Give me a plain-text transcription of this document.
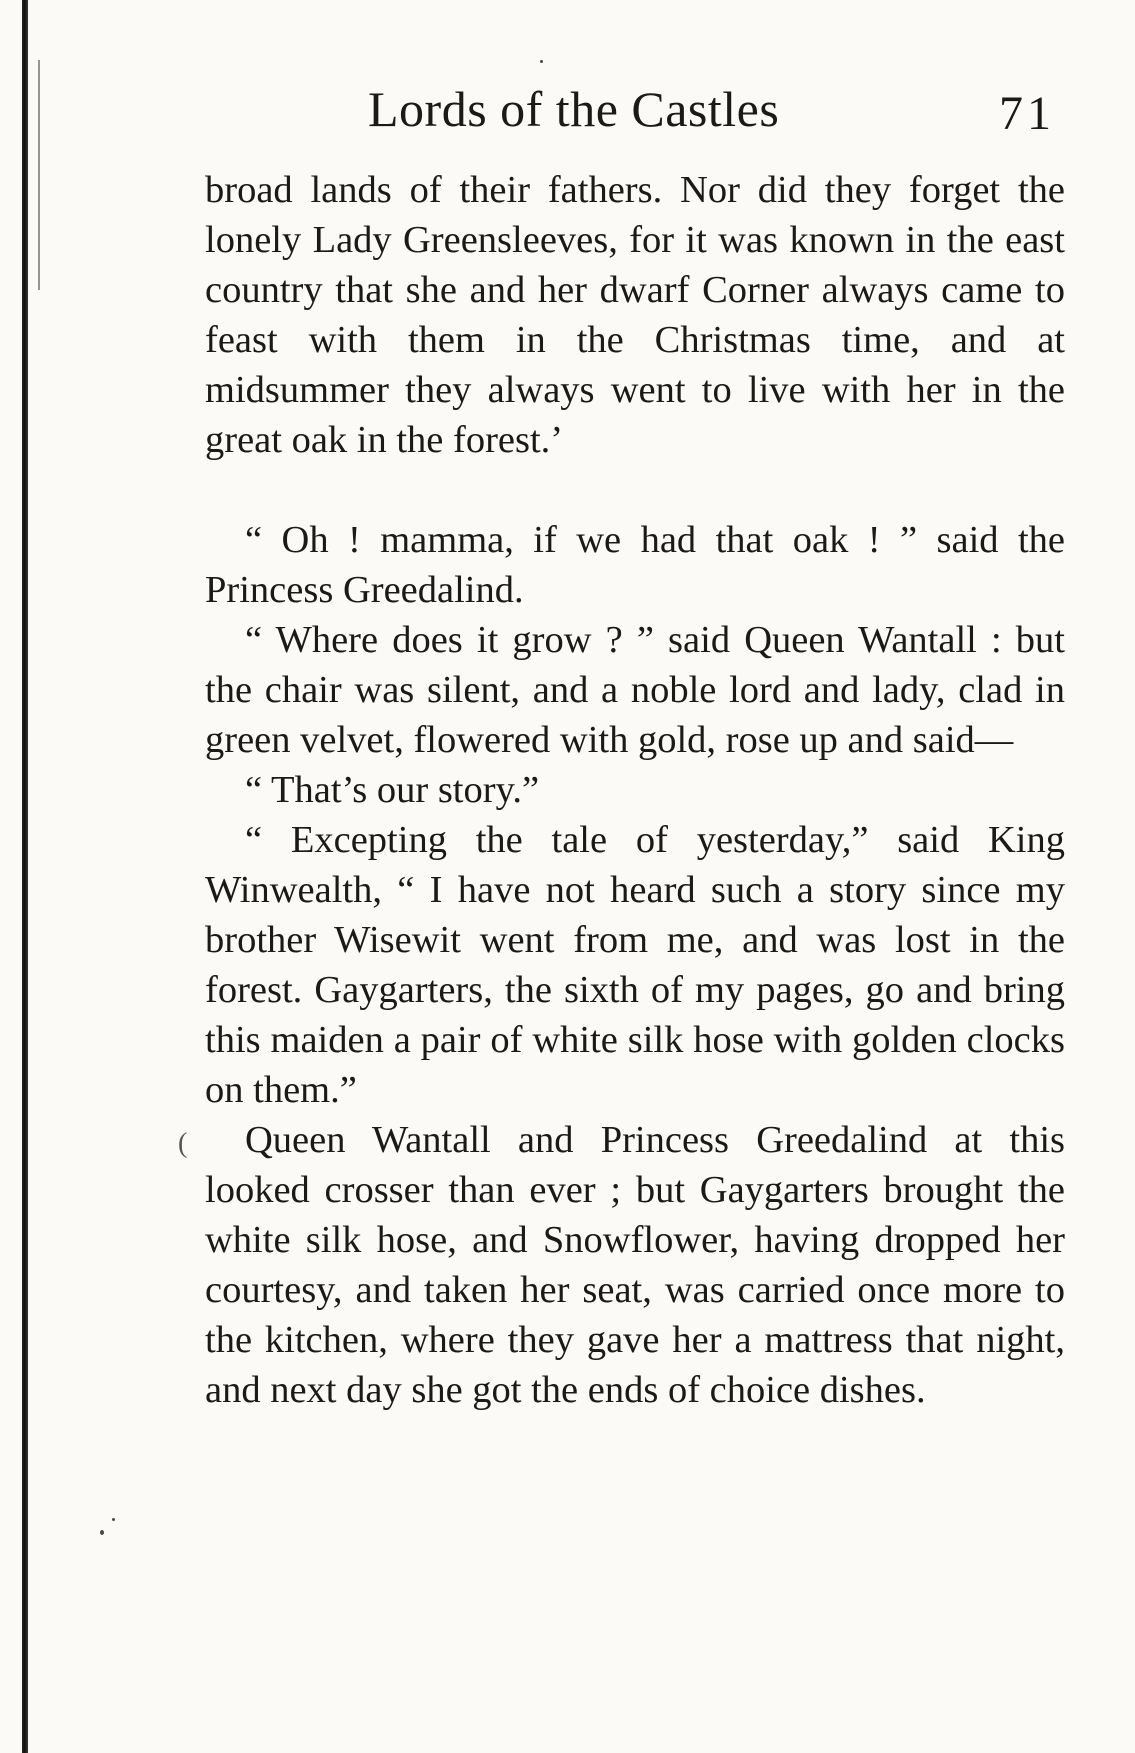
Lords of the Castles	71
(

broad lands of their fathers. Nor did they forget the lonely Lady Greensleeves, for it was known in the east country that she and her dwarf Corner always came to feast with them in the Christmas time, and at midsummer they always went to live with her in the great oak in the forest.’

“ Oh ! mamma, if we had that oak ! ” said the Princess Greedalind.

“ Where does it grow ? ” said Queen Wantall : but the chair was silent, and a noble lord and lady, clad in green velvet, flowered with gold, rose up and said—

“ That’s our story.”

“ Excepting the tale of yesterday,” said King Winwealth, “ I have not heard such a story since my brother Wisewit went from me, and was lost in the forest. Gaygarters, the sixth of my pages, go and bring this maiden a pair of white silk hose with golden clocks on them.”

Queen Wantall and Princess Greedalind at this looked crosser than ever ; but Gaygarters brought the white silk hose, and Snowflower, having dropped her courtesy, and taken her seat, was carried once more to the kitchen, where they gave her a mattress that night, and next day she got the ends of choice dishes.
